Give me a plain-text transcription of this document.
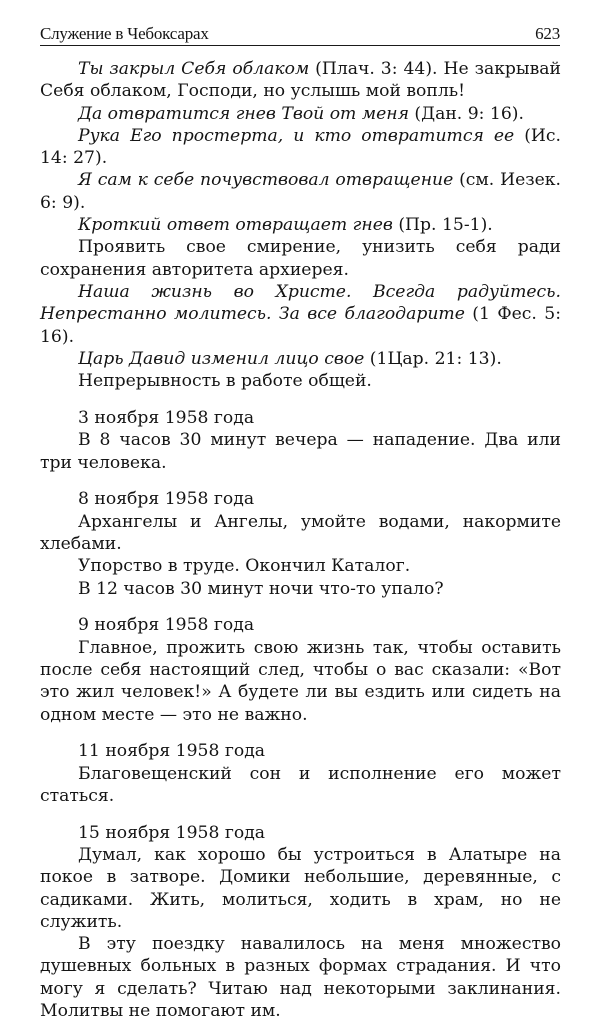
Служение в Чебоксарах	623

Ты закрыл Себя облаком (Плач. 3: 44). Не закрывай Себя облаком, Господи, но услышь мой вопль!

Да отвратится гнев Твой от меня (Дан. 9: 16).

Рука Его простерта, и кто отвратится ее (Ис. 14: 27).

Я сам к себе почувствовал отвращение (см. Иезек. 6: 9).

Кроткий ответ отвращает гнев (Пр. 15-1).

Проявить свое смирение, унизить себя ради сохранения авторитета архиерея.

Наша жизнь во Христе. Всегда радуйтесь. Непрестанно молитесь. За все благодарите (1 Фес. 5: 16).

Царь Давид изменил лицо свое (1Цар. 21: 13).

Непрерывность в работе общей.

3 ноября 1958 года

В 8 часов 30 минут вечера — нападение. Два или три человека.

8 ноября 1958 года

Архангелы и Ангелы, умойте водами, накормите хлебами.

Упорство в труде. Окончил Каталог.

В 12 часов 30 минут ночи что-то упало?

9 ноября 1958 года

Главное, прожить свою жизнь так, чтобы оставить после себя настоящий след, чтобы о вас сказали: «Вот это жил человек!» А будете ли вы ездить или сидеть на одном месте — это не важно.

11 ноября 1958 года

Благовещенский сон и исполнение его может статься.

15 ноября 1958 года

Думал, как хорошо бы устроиться в Алатыре на покое в затворе. Домики небольшие, деревянные, с садиками. Жить, молиться, ходить в храм, но не служить.

В эту поездку навалилось на меня множество душевных больных в разных формах страдания. И что могу я сделать? Читаю над некоторыми заклинания. Молитвы не помогают им.
